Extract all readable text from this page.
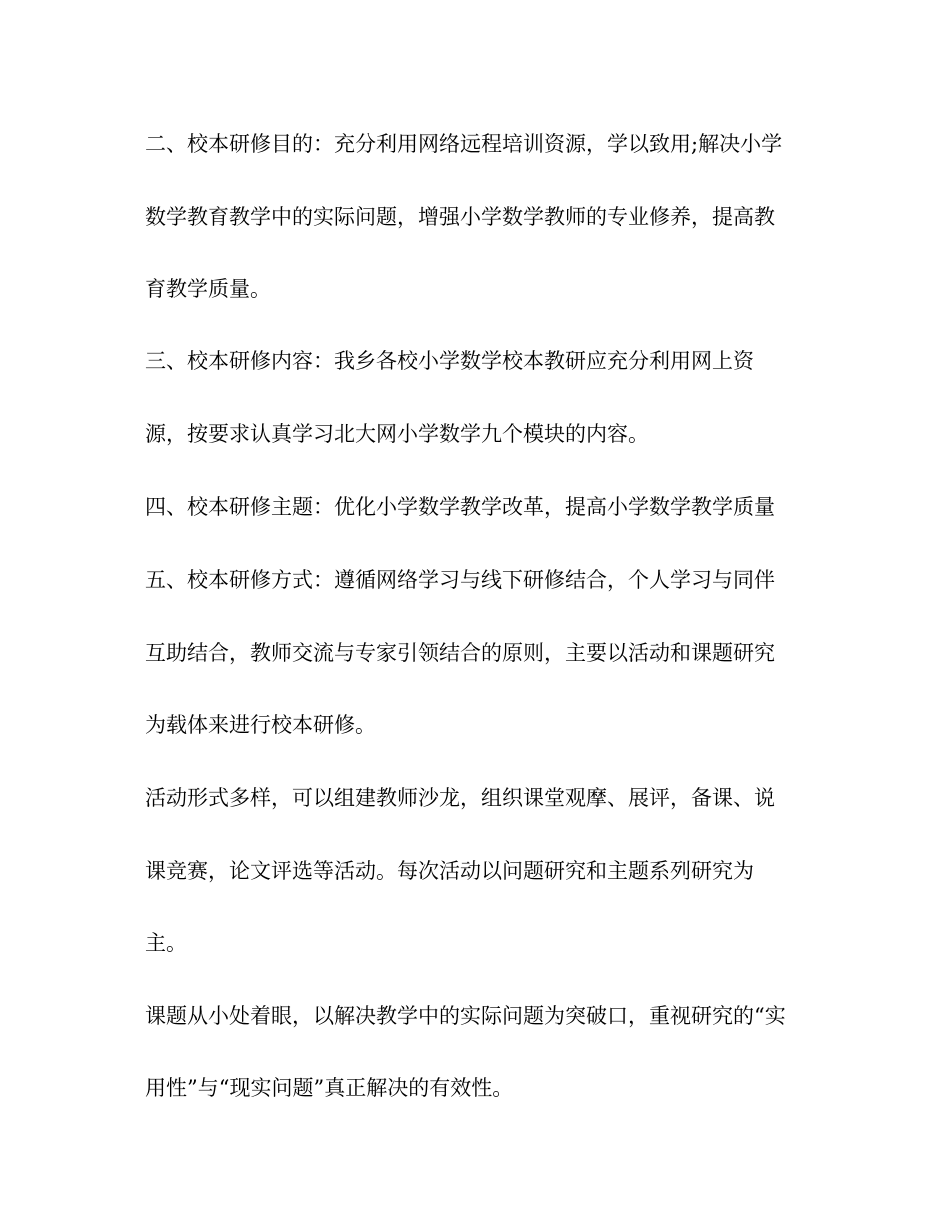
二、校本研修目的：充分利用网络远程培训资源，学以致用;解决小学
数学教育教学中的实际问题，增强小学数学教师的专业修养，提高教
育教学质量。
三、校本研修内容：我乡各校小学数学校本教研应充分利用网上资
源，按要求认真学习北大网小学数学九个模块的内容。
四、校本研修主题：优化小学数学教学改革，提高小学数学教学质量
五、校本研修方式：遵循网络学习与线下研修结合，个人学习与同伴
互助结合，教师交流与专家引领结合的原则，主要以活动和课题研究
为载体来进行校本研修。
活动形式多样，可以组建教师沙龙，组织课堂观摩、展评，备课、说
课竞赛，论文评选等活动。每次活动以问题研究和主题系列研究为
主。
课题从小处着眼，以解决教学中的实际问题为突破口，重视研究的“实
用性”与“现实问题”真正解决的有效性。
